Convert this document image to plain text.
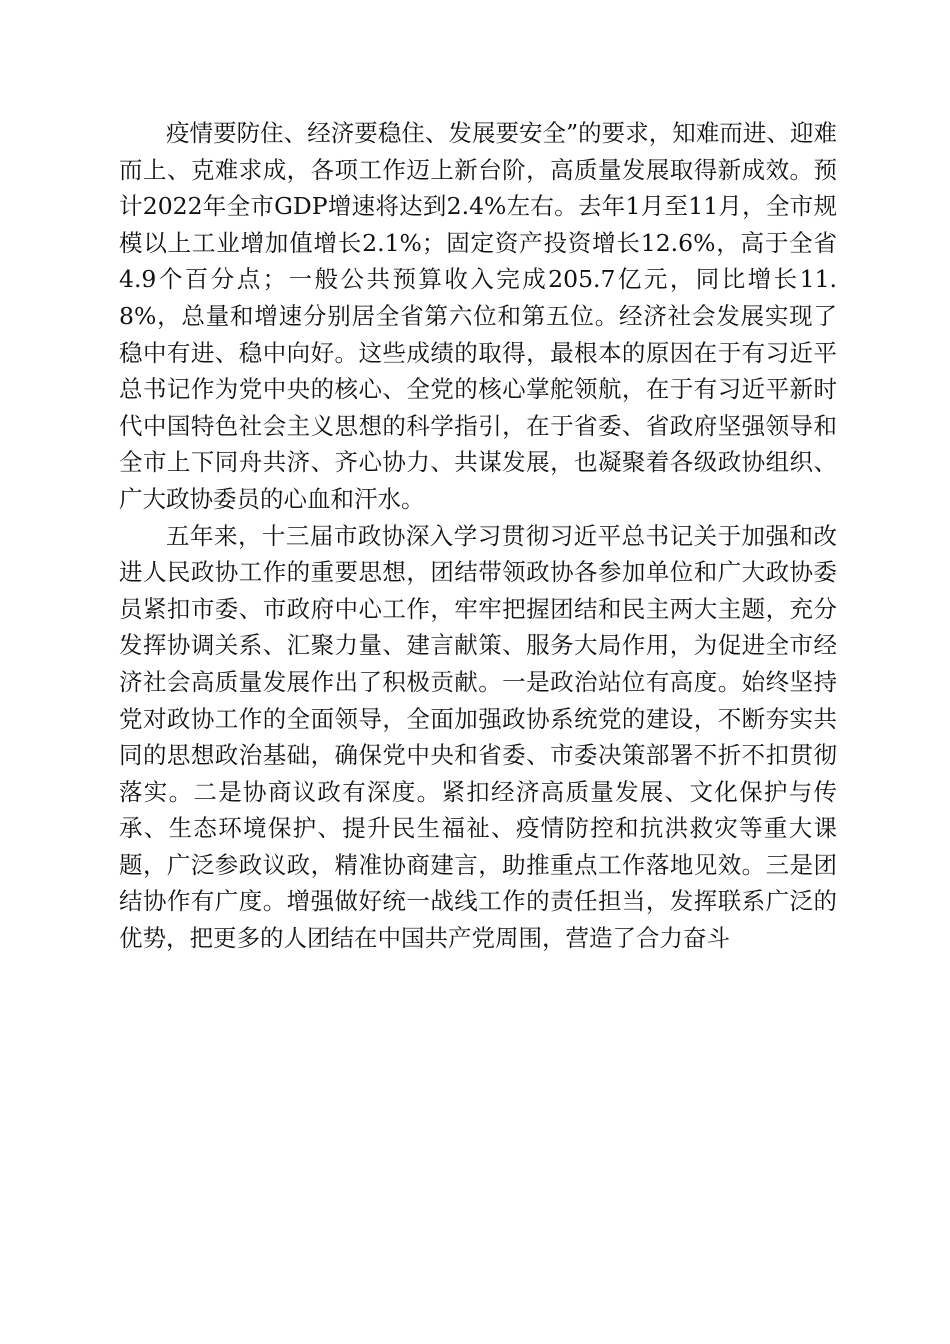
疫情要防住、经济要稳住、发展要安全”的要求，知难而进、迎难而上、克难求成，各项工作迈上新台阶，高质量发展取得新成效。预计2022年全市GDP增速将达到2.4%左右。去年1月至11月，全市规模以上工业增加值增长2.1%；固定资产投资增长12.6%，高于全省4.9个百分点；一般公共预算收入完成205.7亿元，同比增长11.8%，总量和增速分别居全省第六位和第五位。经济社会发展实现了稳中有进、稳中向好。这些成绩的取得，最根本的原因在于有习近平总书记作为党中央的核心、全党的核心掌舵领航，在于有习近平新时代中国特色社会主义思想的科学指引，在于省委、省政府坚强领导和全市上下同舟共济、齐心协力、共谋发展，也凝聚着各级政协组织、广大政协委员的心血和汗水。

五年来，十三届市政协深入学习贯彻习近平总书记关于加强和改进人民政协工作的重要思想，团结带领政协各参加单位和广大政协委员紧扣市委、市政府中心工作，牢牢把握团结和民主两大主题，充分发挥协调关系、汇聚力量、建言献策、服务大局作用，为促进全市经济社会高质量发展作出了积极贡献。一是政治站位有高度。始终坚持党对政协工作的全面领导，全面加强政协系统党的建设，不断夯实共同的思想政治基础，确保党中央和省委、市委决策部署不折不扣贯彻落实。二是协商议政有深度。紧扣经济高质量发展、文化保护与传承、生态环境保护、提升民生福祉、疫情防控和抗洪救灾等重大课题，广泛参政议政，精准协商建言，助推重点工作落地见效。三是团结协作有广度。增强做好统一战线工作的责任担当，发挥联系广泛的优势，把更多的人团结在中国共产党周围，营造了合力奋斗
